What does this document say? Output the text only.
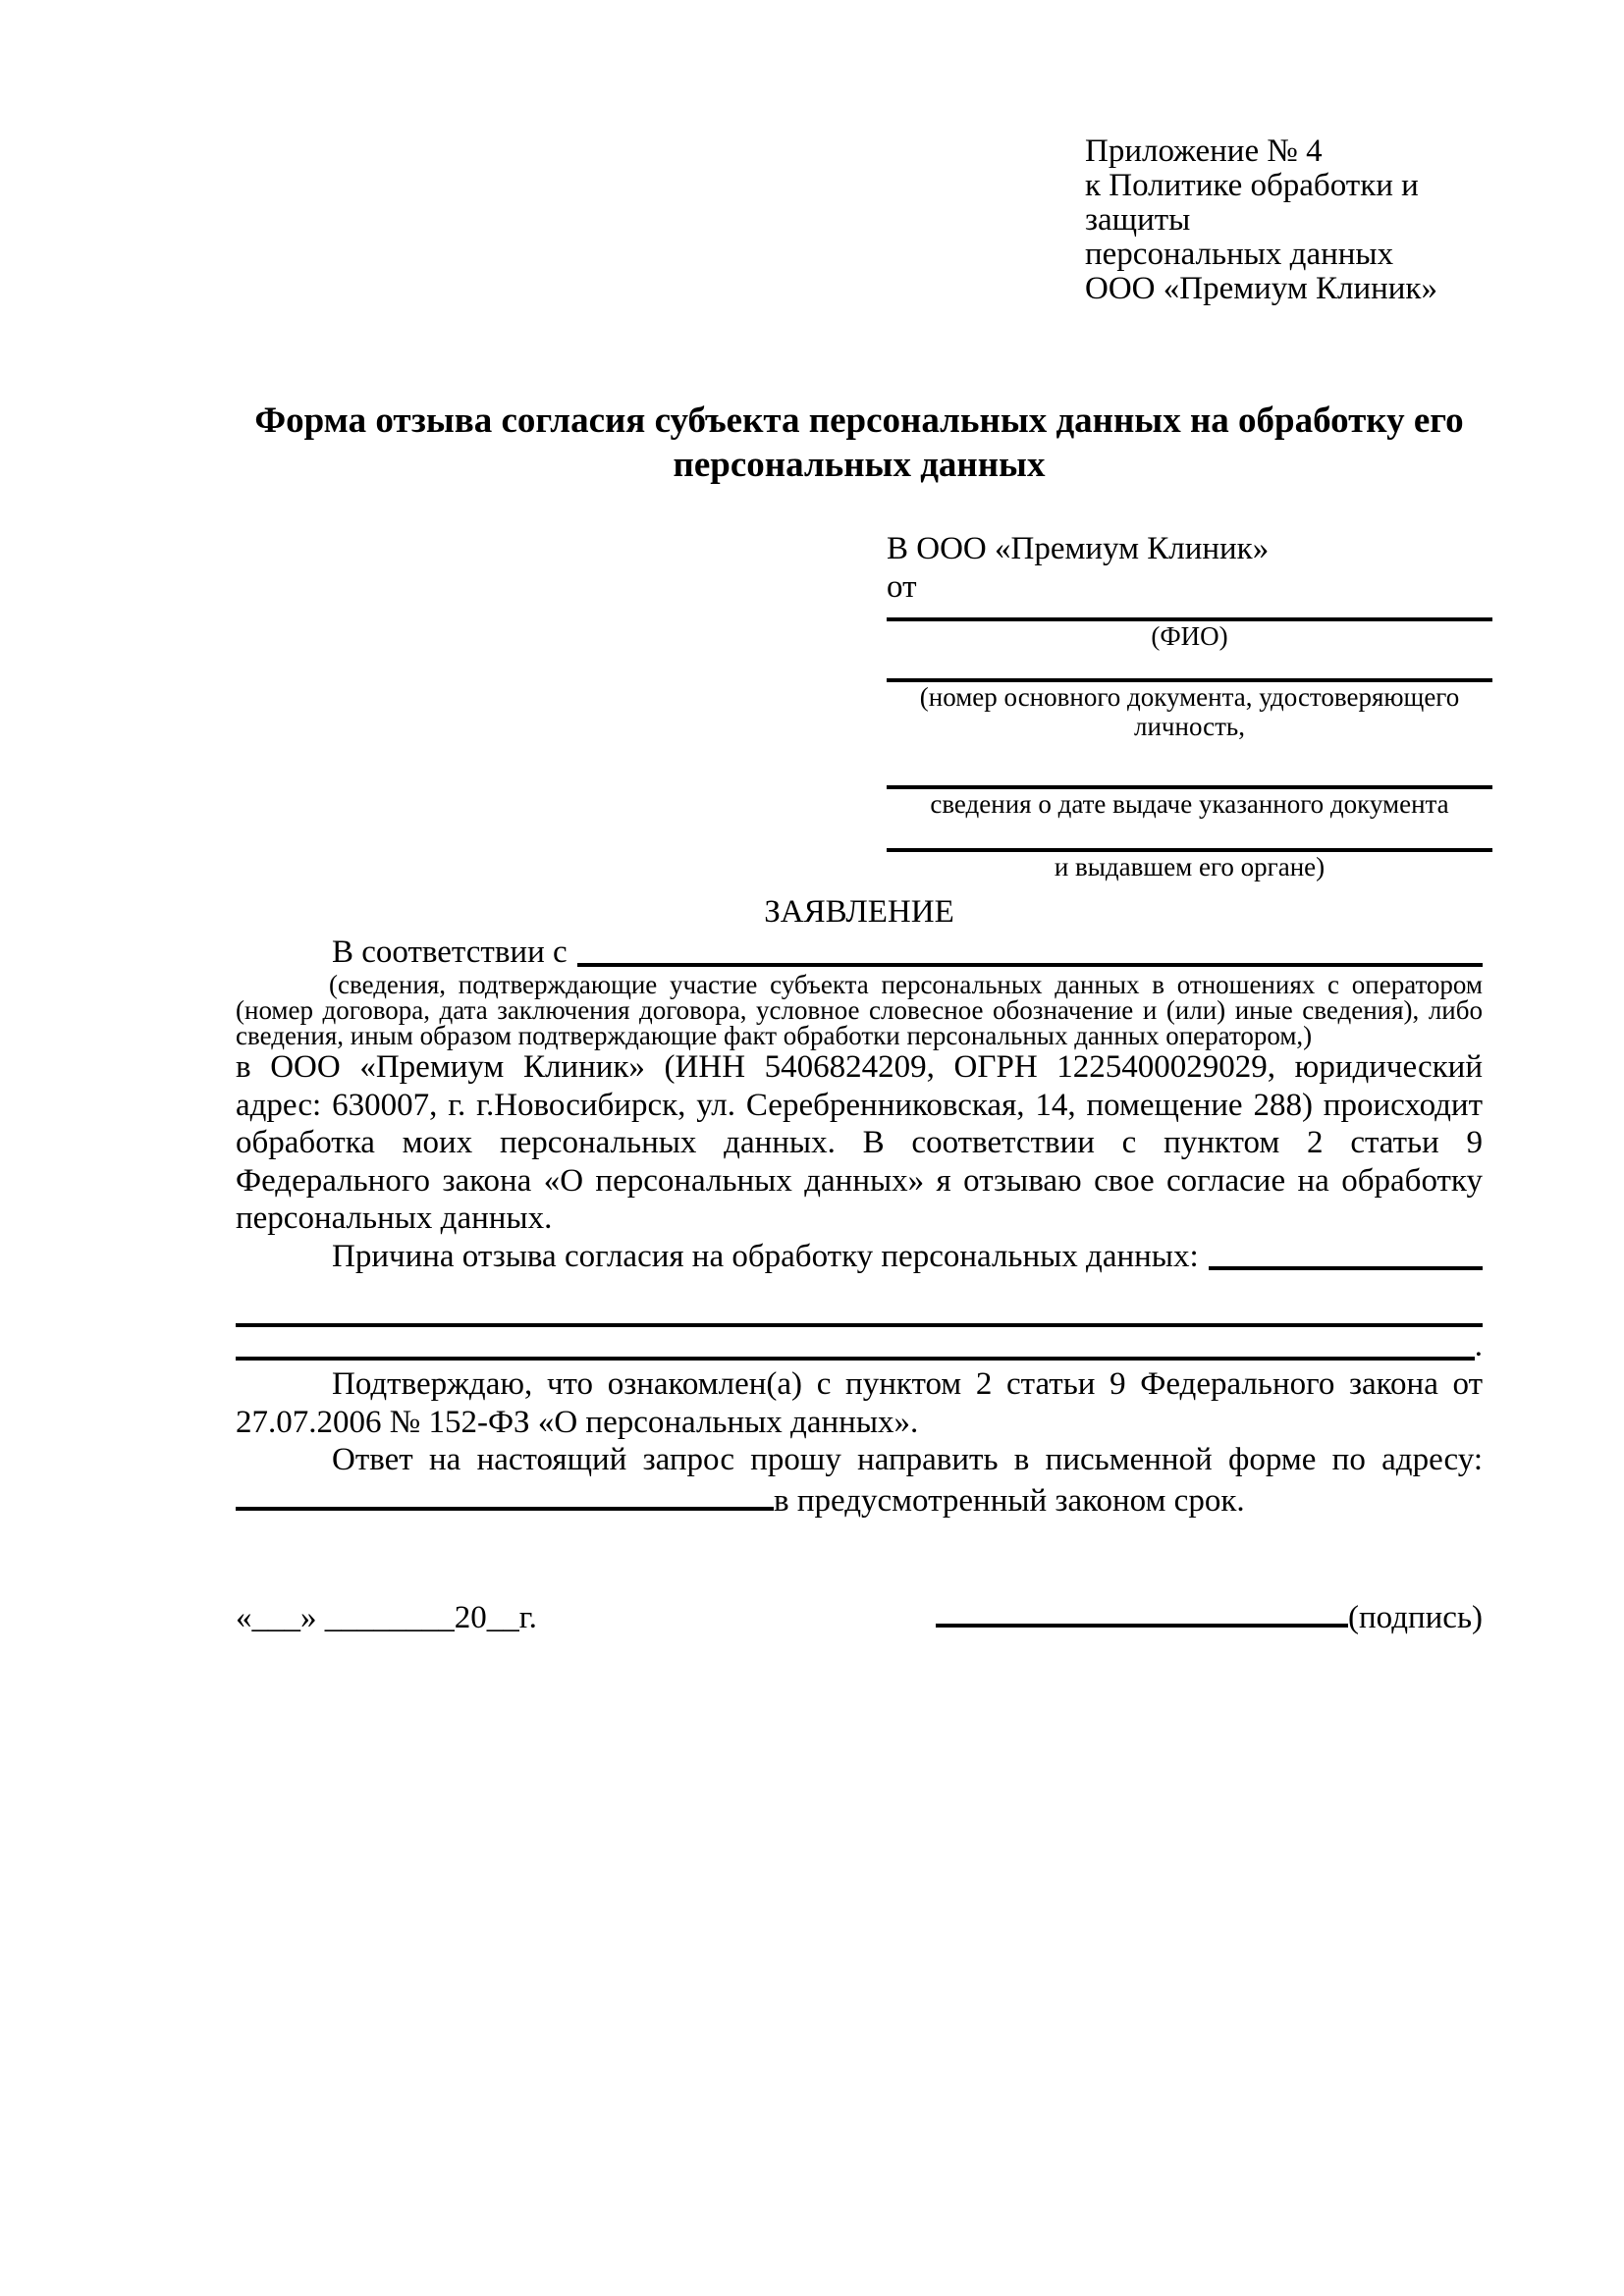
Приложение № 4
к Политике обработки и защиты
персональных данных
ООО «Премиум Клиник»
Форма отзыва согласия субъекта персональных данных на обработку его персональных данных
В ООО «Премиум Клиник»
от
(ФИО)
(номер основного документа, удостоверяющего личность,
сведения о дате выдаче указанного документа
и выдавшем его органе)
ЗАЯВЛЕНИЕ
В соответствии с
(сведения, подтверждающие участие субъекта персональных данных в отношениях с оператором (номер договора, дата заключения договора, условное словесное обозначение и (или) иные сведения), либо сведения, иным образом подтверждающие факт обработки персональных данных оператором,)
в ООО «Премиум Клиник» (ИНН 5406824209, ОГРН 1225400029029, юридический адрес: 630007, г. г.Новосибирск, ул. Серебренниковская, 14, помещение 288) происходит обработка моих персональных данных. В соответствии с пунктом 2 статьи 9 Федерального закона «О персональных данных» я отзываю свое согласие на обработку персональных данных.
Причина отзыва согласия на обработку персональных данных:
.

Подтверждаю, что ознакомлен(а) с пунктом 2 статьи 9 Федерального закона от 27.07.2006 № 152-ФЗ «О персональных данных».

Ответ на настоящий запрос прошу направить в письменной форме по адресу:

в предусмотренный законом срок.
«___» ________20__г.	(подпись)
